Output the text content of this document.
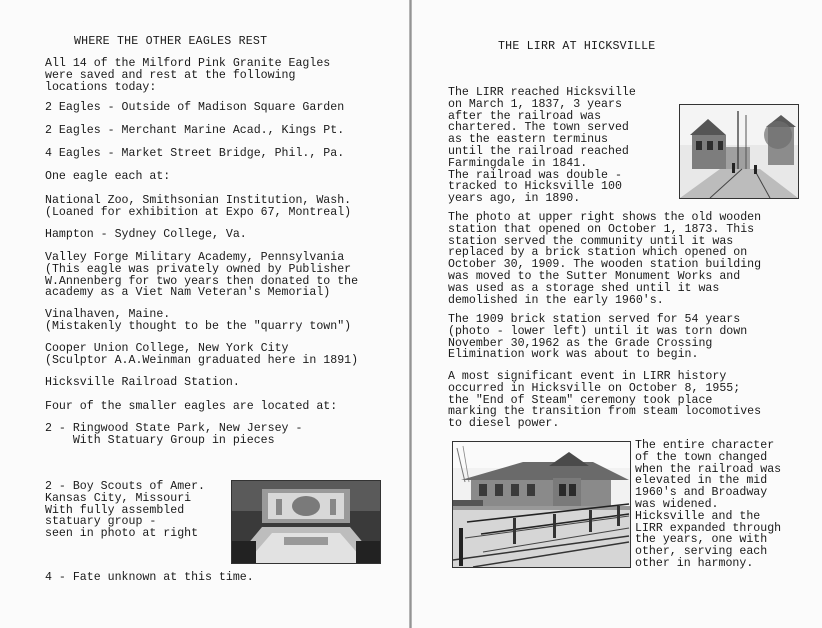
WHERE THE OTHER EAGLES REST

All 14 of the Milford Pink Granite Eagles
were saved and rest at the following
locations today:

2 Eagles - Outside of Madison Square Garden

2 Eagles - Merchant Marine Acad., Kings Pt.

4 Eagles - Market Street Bridge, Phil., Pa.

One eagle each at:

National Zoo, Smithsonian Institution, Wash.
(Loaned for exhibition at Expo 67, Montreal)

Hampton - Sydney College, Va.

Valley Forge Military Academy, Pennsylvania
(This eagle was privately owned by Publisher
W.Annenberg for two years then donated to the
academy as a Viet Nam Veteran's Memorial)

Vinalhaven, Maine.
(Mistakenly thought to be the "quarry town")

Cooper Union College, New York City
(Sculptor A.A.Weinman graduated here in 1891)

Hicksville Railroad Station.

Four of the smaller eagles are located at:

2 - Ringwood State Park, New Jersey -
With Statuary Group in pieces

2 - Boy Scouts of Amer.
Kansas City, Missouri
With fully assembled
statuary group -
seen in photo at right

4 - Fate unknown at this time.

THE LIRR AT HICKSVILLE

The LIRR reached Hicksville
on March 1, 1837, 3 years
after the railroad was
chartered. The town served
as the eastern terminus
until the railroad reached
Farmingdale in 1841.
The railroad was double -
tracked to Hicksville 100
years ago, in 1890.

The photo at upper right shows the old wooden
station that opened on October 1, 1873. This
station served the community until it was
replaced by a brick station which opened on
October 30, 1909. The wooden station building
was moved to the Sutter Monument Works and
was used as a storage shed until it was
demolished in the early 1960's.

The 1909 brick station served for 54 years
(photo - lower left) until it was torn down
November 30,1962 as the Grade Crossing
Elimination work was about to begin.

A most significant event in LIRR history
occurred in Hicksville on October 8, 1955;
the "End of Steam" ceremony took place
marking the transition from steam locomotives
to diesel power.

The entire character
of the town changed
when the railroad was
elevated in the mid
1960's and Broadway
was widened.
Hicksville and the
LIRR expanded through
the years, one with
other, serving each
other in harmony.
